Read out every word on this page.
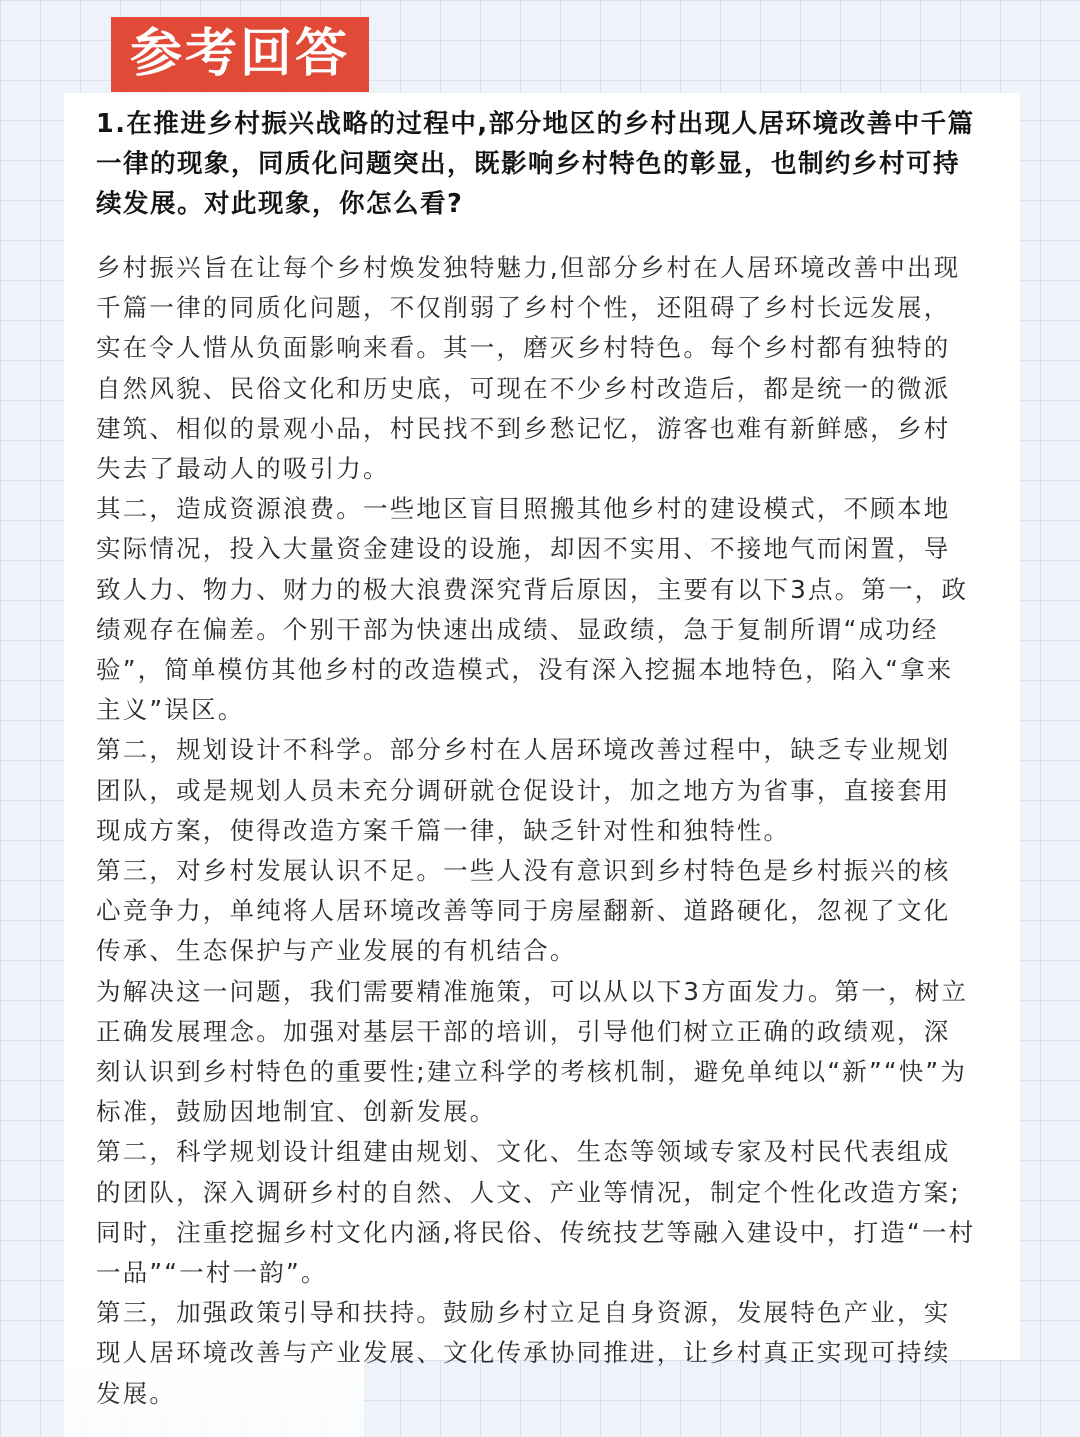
参考回答

1.在推进乡村振兴战略的过程中,部分地区的乡村出现人居环境改善中千篇一律的现象，同质化问题突出，既影响乡村特色的彰显，也制约乡村可持续发展。对此现象，你怎么看?

乡村振兴旨在让每个乡村焕发独特魅力,但部分乡村在人居环境改善中出现千篇一律的同质化问题，不仅削弱了乡村个性，还阻碍了乡村长远发展，实在令人惜从负面影响来看。其一，磨灭乡村特色。每个乡村都有独特的自然风貌、民俗文化和历史底，可现在不少乡村改造后，都是统一的微派建筑、相似的景观小品，村民找不到乡愁记忆，游客也难有新鲜感，乡村失去了最动人的吸引力。

其二，造成资源浪费。一些地区盲目照搬其他乡村的建设模式，不顾本地实际情况，投入大量资金建设的设施，却因不实用、不接地气而闲置，导致人力、物力、财力的极大浪费深究背后原因，主要有以下3点。第一，政绩观存在偏差。个别干部为快速出成绩、显政绩，急于复制所谓“成功经验”，简单模仿其他乡村的改造模式，没有深入挖掘本地特色，陷入“拿来主义”误区。

第二，规划设计不科学。部分乡村在人居环境改善过程中，缺乏专业规划团队，或是规划人员未充分调研就仓促设计，加之地方为省事，直接套用现成方案，使得改造方案千篇一律，缺乏针对性和独特性。

第三，对乡村发展认识不足。一些人没有意识到乡村特色是乡村振兴的核心竞争力，单纯将人居环境改善等同于房屋翻新、道路硬化，忽视了文化传承、生态保护与产业发展的有机结合。

为解决这一问题，我们需要精准施策，可以从以下3方面发力。第一，树立正确发展理念。加强对基层干部的培训，引导他们树立正确的政绩观，深刻认识到乡村特色的重要性;建立科学的考核机制，避免单纯以“新”“快”为标准，鼓励因地制宜、创新发展。

第二，科学规划设计组建由规划、文化、生态等领域专家及村民代表组成的团队，深入调研乡村的自然、人文、产业等情况，制定个性化改造方案;同时，注重挖掘乡村文化内涵,将民俗、传统技艺等融入建设中，打造“一村一品”“一村一韵”。

第三，加强政策引导和扶持。鼓励乡村立足自身资源，发展特色产业，实现人居环境改善与产业发展、文化传承协同推进，让乡村真正实现可持续发展。
